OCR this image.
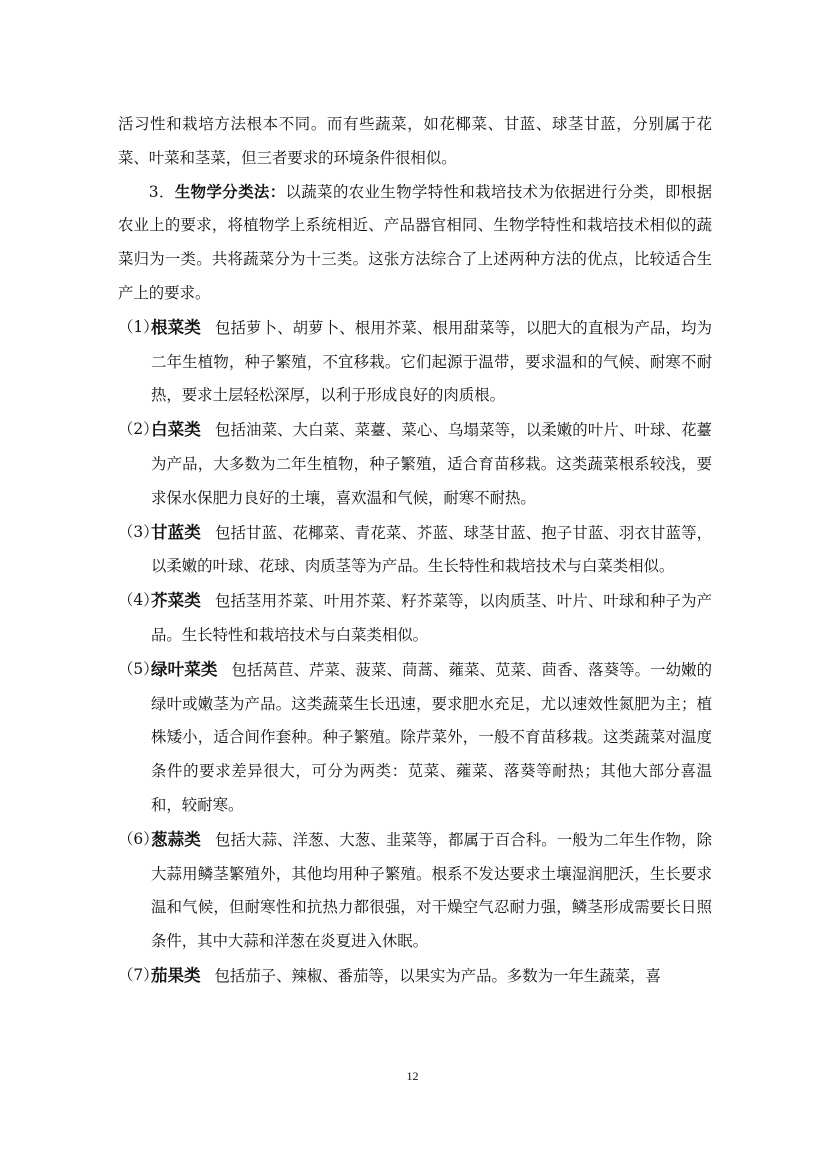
活习性和栽培方法根本不同。而有些蔬菜，如花椰菜、甘蓝、球茎甘蓝，分别属于花菜、叶菜和茎菜，但三者要求的环境条件很相似。

3．生物学分类法：以蔬菜的农业生物学特性和栽培技术为依据进行分类，即根据农业上的要求，将植物学上系统相近、产品器官相同、生物学特性和栽培技术相似的蔬菜归为一类。共将蔬菜分为十三类。这张方法综合了上述两种方法的优点，比较适合生产上的要求。

（1）
根菜类 包括萝卜、胡萝卜、根用芥菜、根用甜菜等，以肥大的直根为产品，均为二年生植物，种子繁殖，不宜移栽。它们起源于温带，要求温和的气候、耐寒不耐热，要求土层轻松深厚，以利于形成良好的肉质根。
（2）
白菜类 包括油菜、大白菜、菜薹、菜心、乌塌菜等，以柔嫩的叶片、叶球、花薹为产品，大多数为二年生植物，种子繁殖，适合育苗移栽。这类蔬菜根系较浅，要求保水保肥力良好的土壤，喜欢温和气候，耐寒不耐热。
（3）
甘蓝类 包括甘蓝、花椰菜、青花菜、芥蓝、球茎甘蓝、抱子甘蓝、羽衣甘蓝等，以柔嫩的叶球、花球、肉质茎等为产品。生长特性和栽培技术与白菜类相似。
（4）
芥菜类 包括茎用芥菜、叶用芥菜、籽芥菜等，以肉质茎、叶片、叶球和种子为产品。生长特性和栽培技术与白菜类相似。
（5）
绿叶菜类 包括莴苣、芹菜、菠菜、茼蒿、蕹菜、苋菜、茴香、落葵等。一幼嫩的绿叶或嫩茎为产品。这类蔬菜生长迅速，要求肥水充足，尤以速效性氮肥为主；植株矮小，适合间作套种。种子繁殖。除芹菜外，一般不育苗移栽。这类蔬菜对温度条件的要求差异很大，可分为两类：苋菜、蕹菜、落葵等耐热；其他大部分喜温和，较耐寒。
（6）
葱蒜类 包括大蒜、洋葱、大葱、韭菜等，都属于百合科。一般为二年生作物，除大蒜用鳞茎繁殖外，其他均用种子繁殖。根系不发达要求土壤湿润肥沃，生长要求温和气候，但耐寒性和抗热力都很强，对干燥空气忍耐力强，鳞茎形成需要长日照条件，其中大蒜和洋葱在炎夏进入休眠。
（7）
茄果类 包括茄子、辣椒、番茄等，以果实为产品。多数为一年生蔬菜，喜
12
